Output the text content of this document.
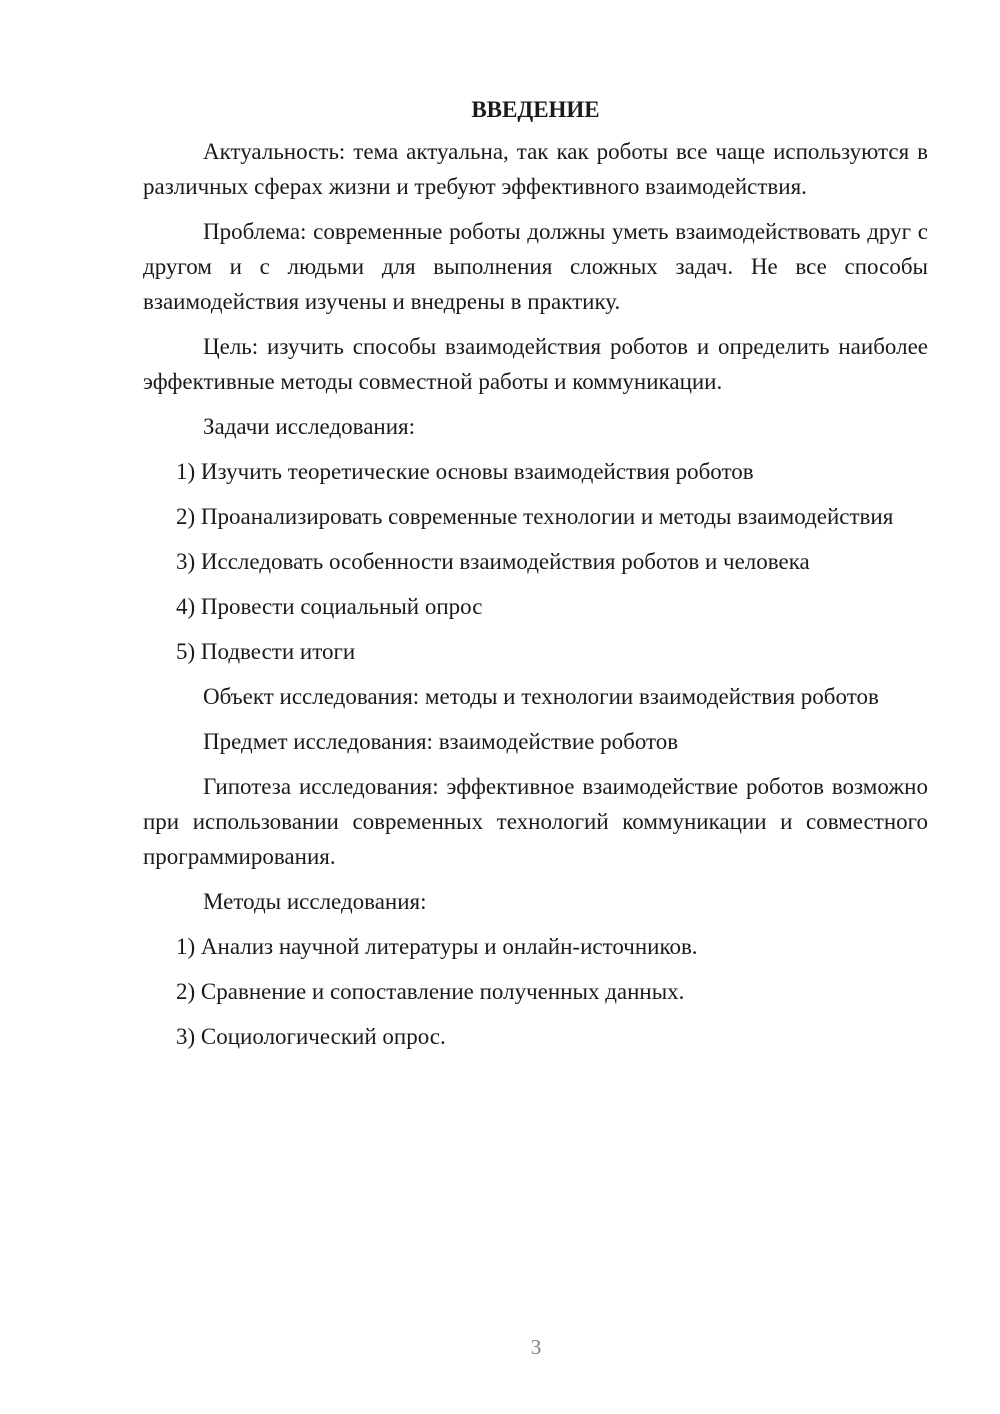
ВВЕДЕНИЕ

Актуальность: тема актуальна, так как роботы все чаще используются в различных сферах жизни и требуют эффективного взаимодействия.

Проблема: современные роботы должны уметь взаимодействовать друг с другом и с людьми для выполнения сложных задач. Не все способы взаимодействия изучены и внедрены в практику.

Цель: изучить способы взаимодействия роботов и определить наиболее эффективные методы совместной работы и коммуникации.

Задачи исследования:

1) Изучить теоретические основы взаимодействия роботов

2) Проанализировать современные технологии и методы взаимодействия

3) Исследовать особенности взаимодействия роботов и человека

4) Провести социальный опрос

5) Подвести итоги

Объект исследования: методы и технологии взаимодействия роботов

Предмет исследования: взаимодействие роботов

Гипотеза исследования: эффективное взаимодействие роботов возможно при использовании современных технологий коммуникации и совместного программирования.

Методы исследования:

1) Анализ научной литературы и онлайн-источников.

2) Сравнение и сопоставление полученных данных.

3) Социологический опрос.

3
